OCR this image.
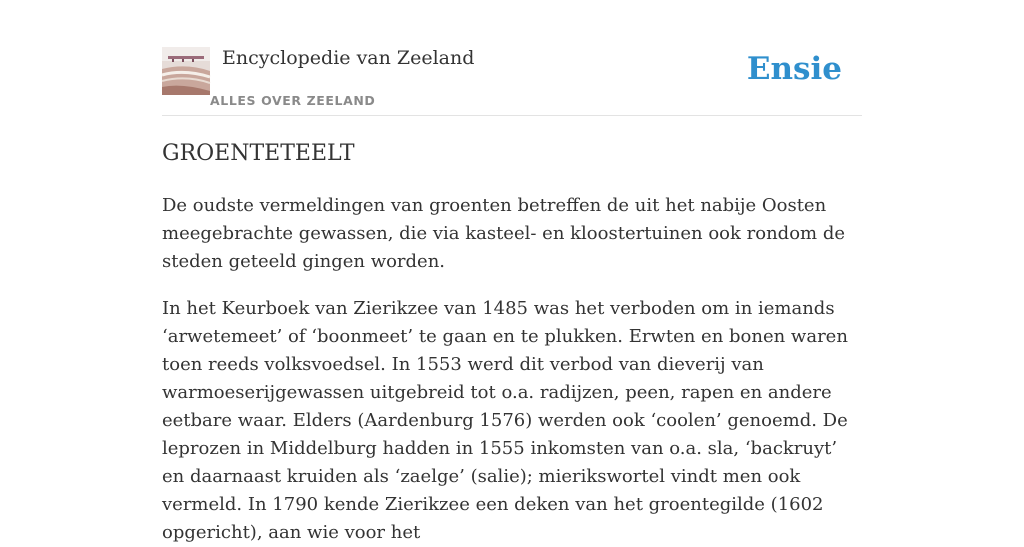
Encyclopedie van Zeeland
ALLES OVER ZEELAND
Ensie
GROENTETEELT

De oudste vermeldingen van groenten betreffen de uit het nabije Oosten meegebrachte gewassen, die via kasteel- en kloostertuinen ook rondom de steden geteeld gingen worden.

In het Keurboek van Zierikzee van 1485 was het verboden om in iemands ‘arwetemeet’ of ‘boonmeet’ te gaan en te plukken. Erwten en bonen waren toen reeds volksvoedsel. In 1553 werd dit verbod van dieverij van warmoeserijgewassen uitgebreid tot o.a. radijzen, peen, rapen en andere eetbare waar. Elders (Aardenburg 1576) werden ook ‘coolen’ genoemd. De leprozen in Middelburg hadden in 1555 inkomsten van o.a. sla, ‘backruyt’ en daarnaast kruiden als ‘zaelge’ (salie); mierikswortel vindt men ook vermeld. In 1790 kende Zierikzee een deken van het groentegilde (1602 opgericht), aan wie voor het
